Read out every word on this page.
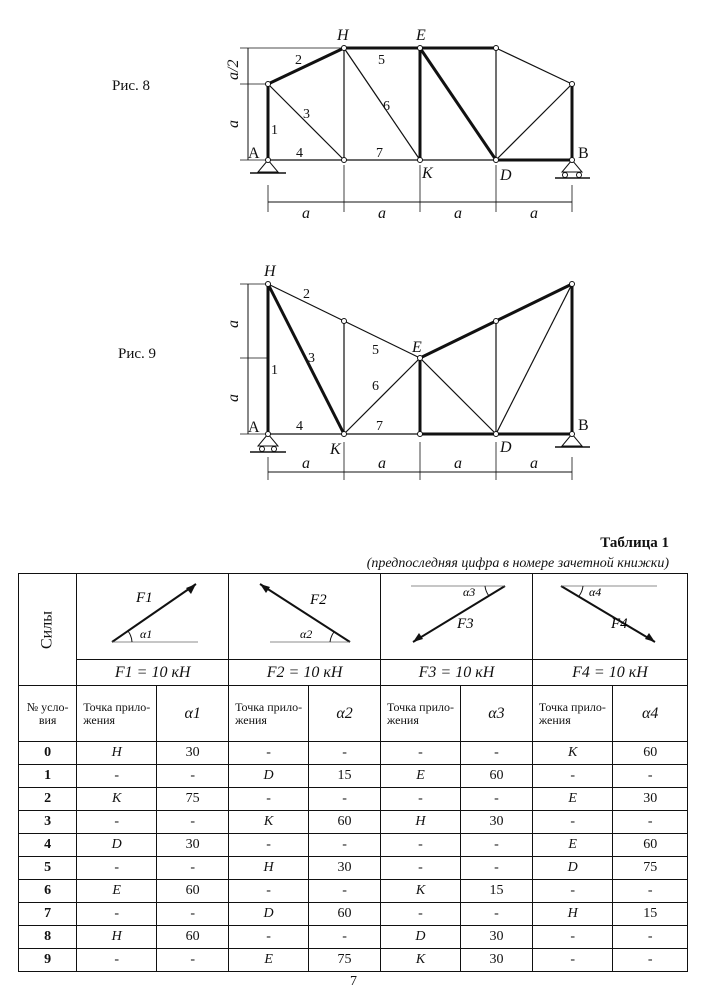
Рис. 8
H	E
A	B
K	D
1
2
3
4
5
6
7
a/2
a
a	a	a	a
Рис. 9
H
E
A	B
K	D
1
2
3
4
5
6
7
a
a
a	a	a	a
Таблица 1
(предпоследняя цифра в номере зачетной книжки)
Силы	F1
α1		F2
α2		α3
F3		α4
F4	

	F1 = 10 кН		F2 = 10 кН		F3 = 10 кН		F4 = 10 кН	
№ усло-вия	Точка прило-жения	α1	Точка прило-жения	α2	Точка прило-жения	α3	Точка прило-жения	α4
0	H	30	-	-	-	-	K	60
1	-	-	D	15	E	60	-	-
2	K	75	-	-	-	-	E	30
3	-	-	K	60	H	30	-	-
4	D	30	-	-	-	-	E	60
5	-	-	H	30	-	-	D	75
6	E	60	-	-	K	15	-	-
7	-	-	D	60	-	-	H	15
8	H	60	-	-	D	30	-	-
9	-	-	E	75	K	30	-	-
7
